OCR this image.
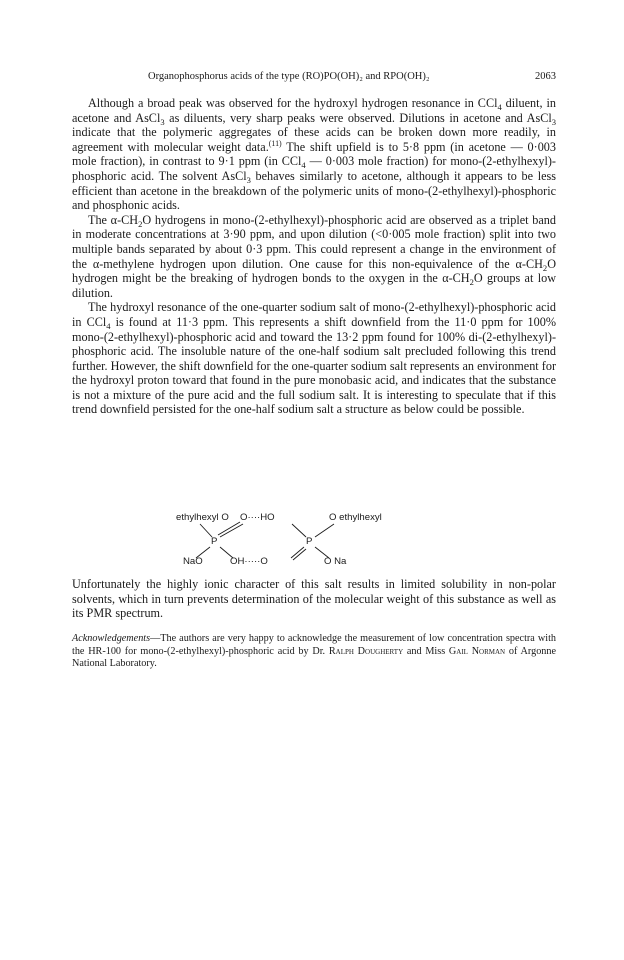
Organophosphorus acids of the type (RO)PO(OH)₂ and RPO(OH)₂	2063

Although a broad peak was observed for the hydroxyl hydrogen resonance in CCl$_4$ diluent, in acetone and AsCl$_3$ as diluents, very sharp peaks were observed. Dilutions in acetone and AsCl$_3$ indicate that the polymeric aggregates of these acids can be broken down more readily, in agreement with molecular weight data.$^{(11)}$ The shift upfield is to 5·8 ppm (in acetone — 0·003 mole fraction), in contrast to 9·1 ppm (in CCl$_4$ — 0·003 mole fraction) for mono-(2-ethylhexyl)-phosphoric acid. The solvent AsCl$_3$ behaves similarly to acetone, although it appears to be less efficient than acetone in the breakdown of the polymeric units of mono-(2-ethylhexyl)-phosphoric and phosphonic acids.

The $\alpha-CH_2O$ hydrogens in mono-(2-ethylhexyl)-phosphoric acid are observed as a triplet band in moderate concentrations at 3·90 ppm, and upon dilution (<0·005 mole fraction) split into two multiple bands separated by about 0·3 ppm. This could represent a change in the environment of the α-methylene hydrogen upon dilution. One cause for this non-equivalence of the $\alpha-CH_2O$ hydrogen might be the breaking of hydrogen bonds to the oxygen in the $\alpha-CH_2O$ groups at low dilution.

The hydroxyl resonance of the one-quarter sodium salt of mono-(2-ethylhexyl)-phosphoric acid in CCl$_4$ is found at 11·3 ppm. This represents a shift downfield from the 11·0 ppm for 100% mono-(2-ethylhexyl)-phosphoric acid and toward the 13·2 ppm found for 100% di-(2-ethylhexyl)-phosphoric acid. The insoluble nature of the one-half sodium salt precluded following this trend further. However, the shift downfield for the one-quarter sodium salt represents an environment for the hydroxyl proton toward that found in the pure monobasic acid, and indicates that the substance is not a mixture of the pure acid and the full sodium salt. It is interesting to speculate that if this trend downfield persisted for the one-half sodium salt a structure as below could be possible.

ethylhexyl O O····HO	O ethylhexyl
P	P
NaO	OH·····O	O Na

Unfortunately the highly ionic character of this salt results in limited solubility in non-polar solvents, which in turn prevents determination of the molecular weight of this substance as well as its PMR spectrum.

Acknowledgements—The authors are very happy to acknowledge the measurement of low concentration spectra with the HR-100 for mono-(2-ethylhexyl)-phosphoric acid by Dr. Ralph Dougherty and Miss Gail Norman of Argonne National Laboratory.
